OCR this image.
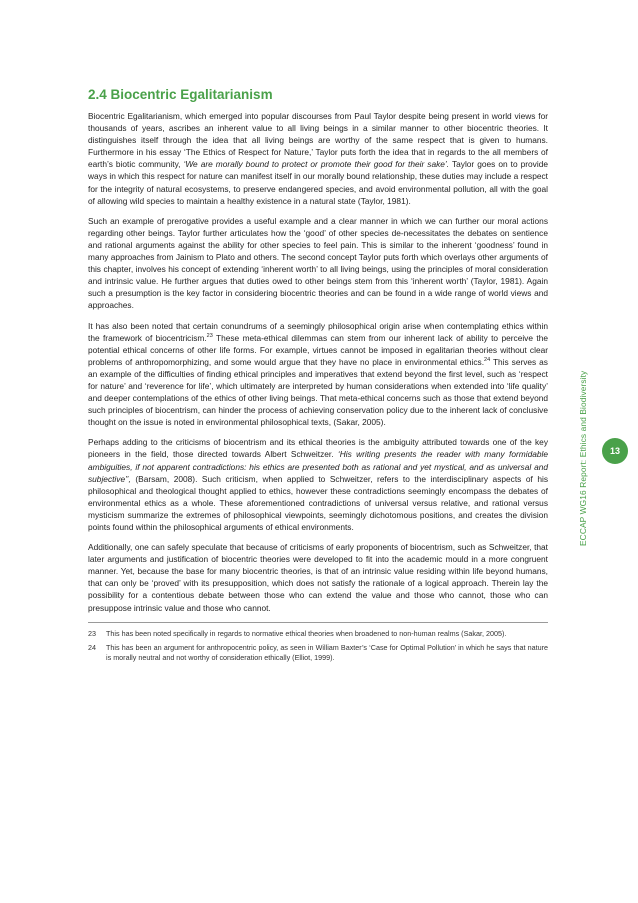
2.4 Biocentric Egalitarianism

Biocentric Egalitarianism, which emerged into popular discourses from Paul Taylor despite being present in world views for thousands of years, ascribes an inherent value to all living beings in a similar manner to other biocentric theories. It distinguishes itself through the idea that all living beings are worthy of the same respect that is given to humans. Furthermore in his essay ‘The Ethics of Respect for Nature,’ Taylor puts forth the idea that in regards to the all members of earth’s biotic community, ‘We are morally bound to protect or promote their good for their sake’. Taylor goes on to provide ways in which this respect for nature can manifest itself in our morally bound relationship, these duties may include a respect for the integrity of natural ecosystems, to preserve endangered species, and avoid environmental pollution, all with the goal of allowing wild species to maintain a healthy existence in a natural state (Taylor, 1981).

Such an example of prerogative provides a useful example and a clear manner in which we can further our moral actions regarding other beings. Taylor further articulates how the ‘good’ of other species de-necessitates the debates on sentience and rational arguments against the ability for other species to feel pain. This is similar to the inherent ‘goodness’ found in many approaches from Jainism to Plato and others. The second concept Taylor puts forth which overlays other arguments of this chapter, involves his concept of extending ‘inherent worth’ to all living beings, using the principles of moral consideration and intrinsic value. He further argues that duties owed to other beings stem from this ‘inherent worth’ (Taylor, 1981). Again such a presumption is the key factor in considering biocentric theories and can be found in a wide range of world views and approaches.

It has also been noted that certain conundrums of a seemingly philosophical origin arise when contemplating ethics within the framework of biocentricism.$^{23}$ These meta-ethical dilemmas can stem from our inherent lack of ability to perceive the potential ethical concerns of other life forms. For example, virtues cannot be imposed in egalitarian theories without clear problems of anthropomorphizing, and some would argue that they have no place in environmental ethics.$^{24}$ This serves as an example of the difficulties of finding ethical principles and imperatives that extend beyond the first level, such as ‘respect for nature’ and ‘reverence for life’, which ultimately are interpreted by human considerations when extended into ‘life quality’ and deeper contemplations of the ethics of other living beings. That meta-ethical concerns such as those that extend beyond such principles of biocentrism, can hinder the process of achieving conservation policy due to the inherent lack of conclusive thought on the issue is noted in environmental philosophical texts, (Sakar, 2005).

Perhaps adding to the criticisms of biocentrism and its ethical theories is the ambiguity attributed towards one of the key pioneers in the field, those directed towards Albert Schweitzer. ‘His writing presents the reader with many formidable ambiguities, if not apparent contradictions: his ethics are presented both as rational and yet mystical, and as universal and subjective’’, (Barsam, 2008). Such criticism, when applied to Schweitzer, refers to the interdisciplinary aspects of his philosophical and theological thought applied to ethics, however these contradictions seemingly encompass the debates of environmental ethics as a whole. These aforementioned contradictions of universal versus relative, and rational versus mysticism summarize the extremes of philosophical viewpoints, seemingly dichotomous positions, and creates the division points found within the philosophical arguments of ethical environments.

Additionally, one can safely speculate that because of criticisms of early proponents of biocentrism, such as Schweitzer, that later arguments and justification of biocentric theories were developed to fit into the academic mould in a more congruent manner. Yet, because the base for many biocentric theories, is that of an intrinsic value residing within life beyond humans, that can only be ‘proved’ with its presupposition, which does not satisfy the rationale of a logical approach. Therein lay the possibility for a contentious debate between those who can extend the value and those who cannot, those who can presuppose intrinsic value and those who cannot.

23	This has been noted specifically in regards to normative ethical theories when broadened to non-human realms (Sakar, 2005).
24	This has been an argument for anthropocentric policy, as seen in William Baxter’s ‘Case for Optimal Pollution’ in which he says that nature is morally neutral and not worthy of consideration ethically (Elliot, 1999).
ECCAP WG16 Report: Ethics and Biodiversity	13
